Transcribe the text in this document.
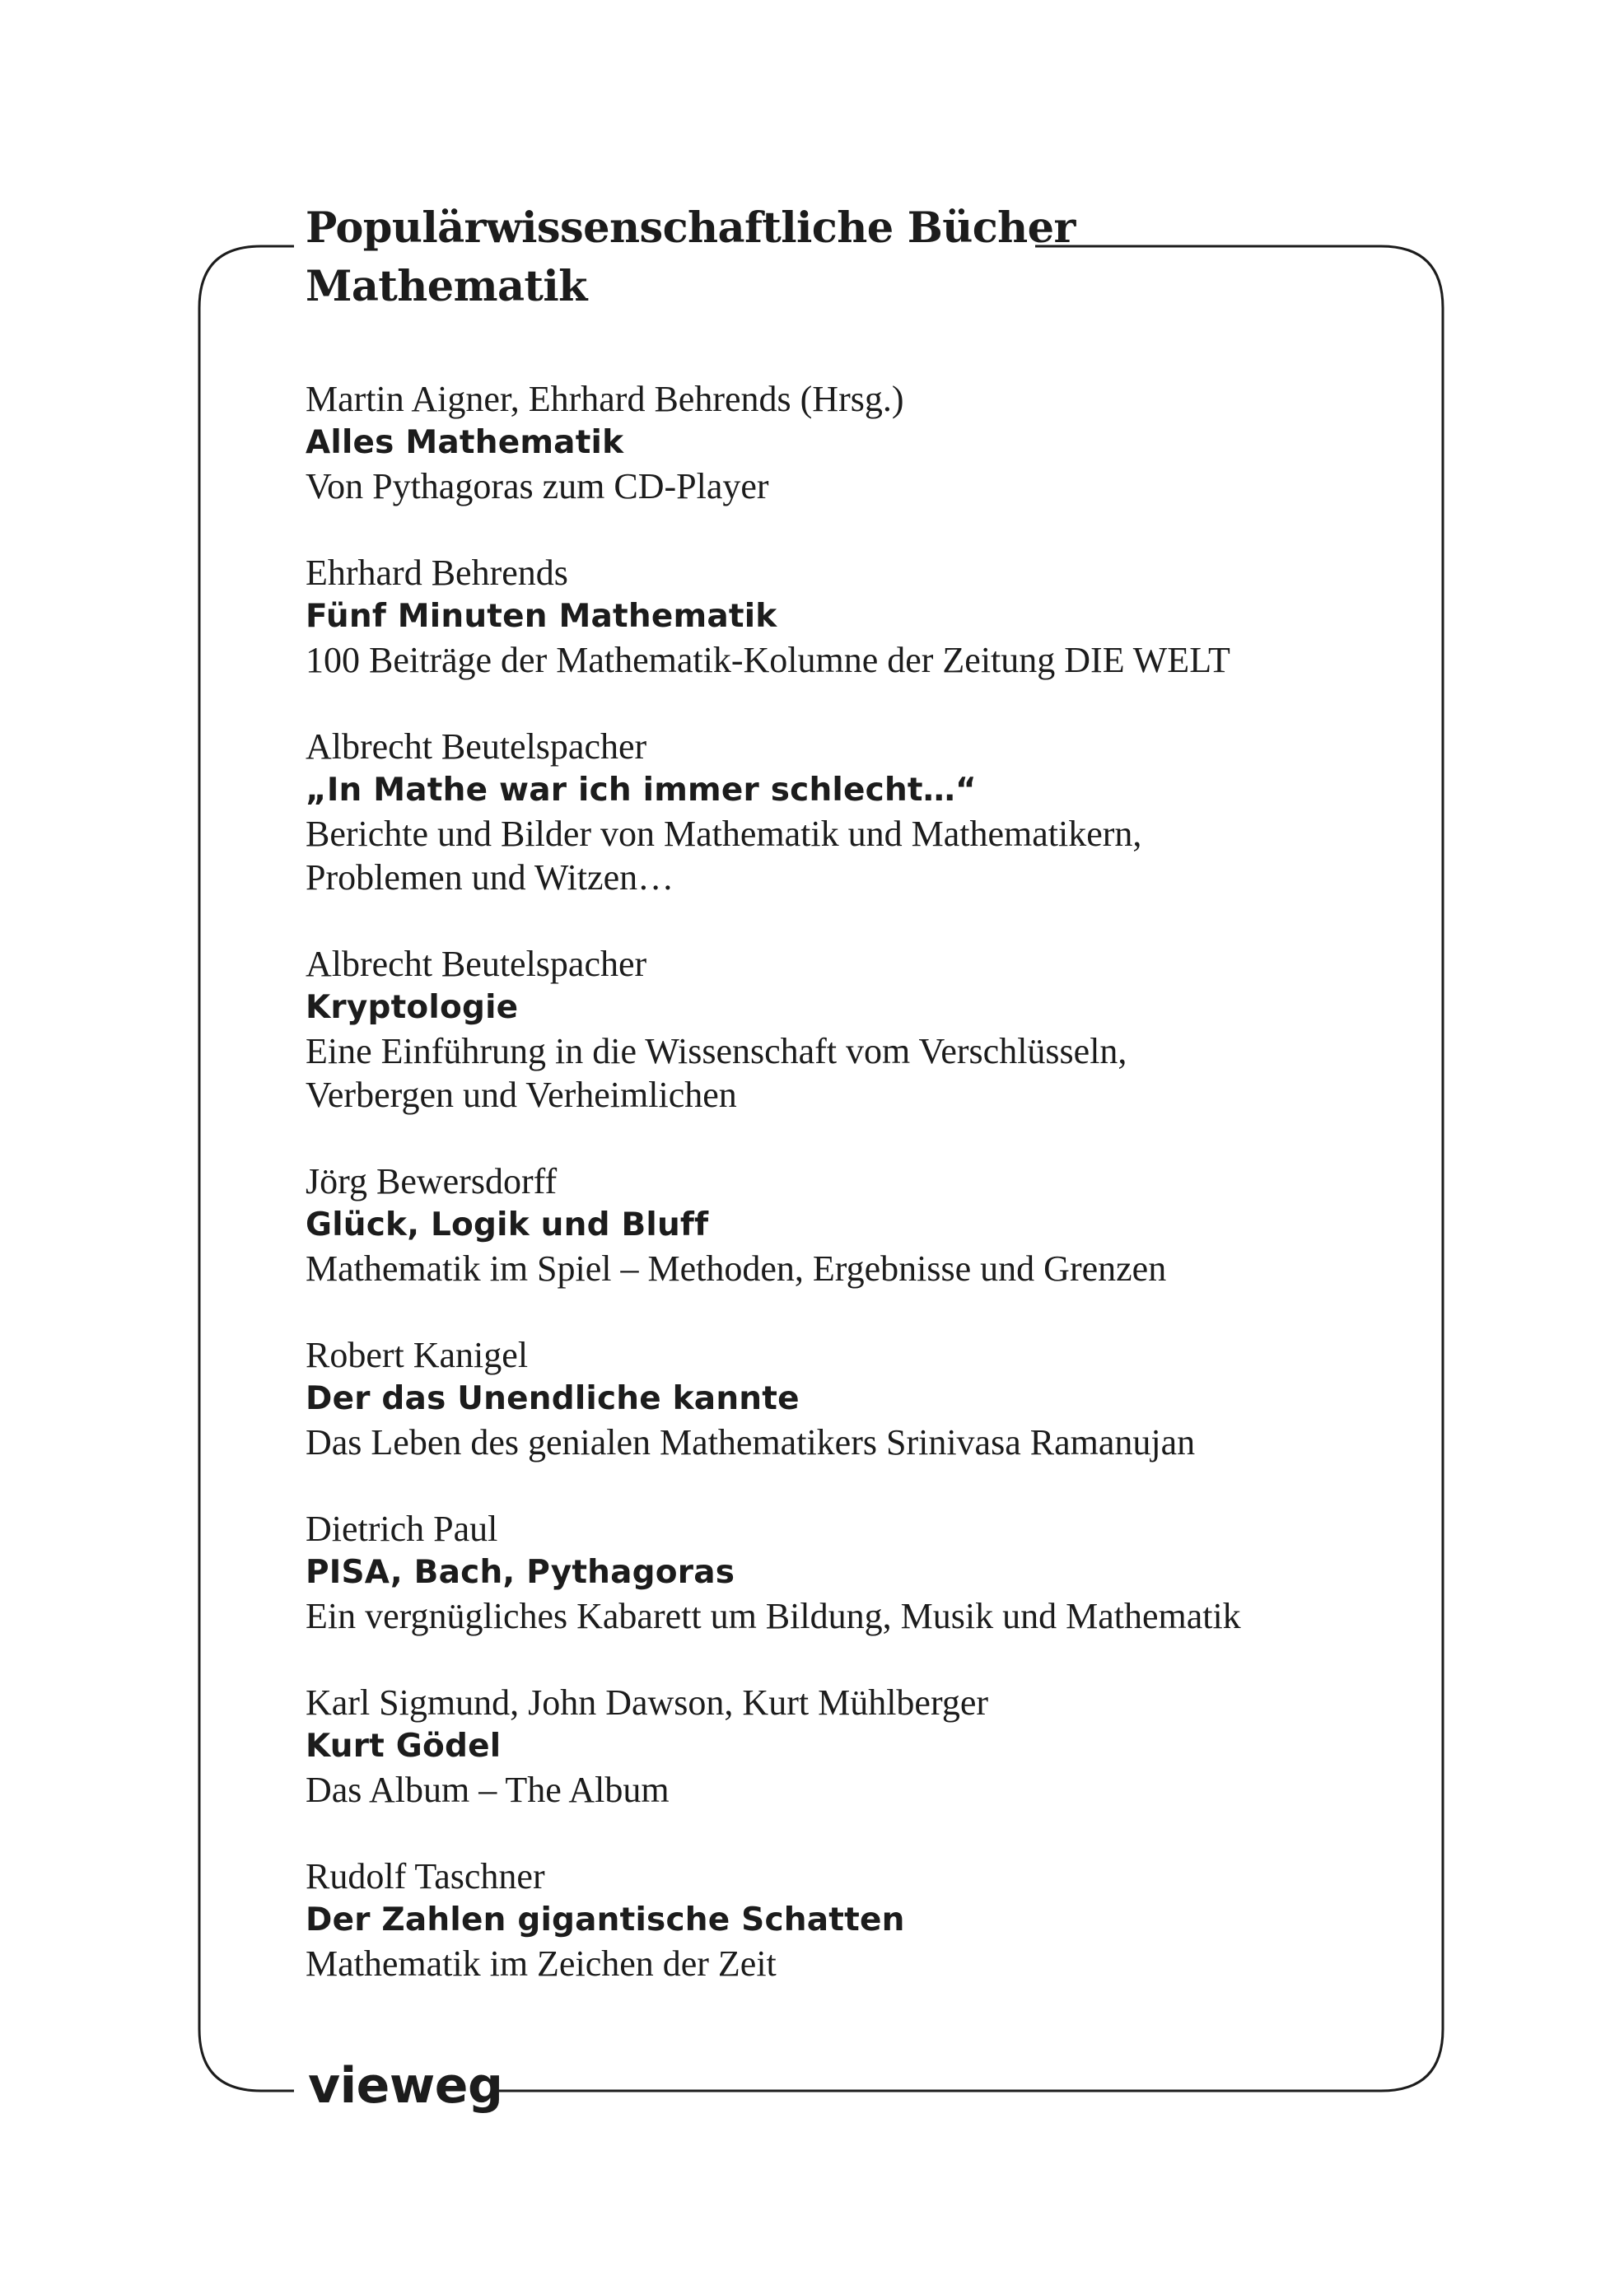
Populärwissenschaftliche Bücher
Mathematik
Martin Aigner, Ehrhard Behrends (Hrsg.)
Alles Mathematik
Von Pythagoras zum CD-Player
Ehrhard Behrends
Fünf Minuten Mathematik
100 Beiträge der Mathematik-Kolumne der Zeitung DIE WELT
Albrecht Beutelspacher
„In Mathe war ich immer schlecht…“
Berichte und Bilder von Mathematik und Mathematikern,
Problemen und Witzen…
Albrecht Beutelspacher
Kryptologie
Eine Einführung in die Wissenschaft vom Verschlüsseln,
Verbergen und Verheimlichen
Jörg Bewersdorff
Glück, Logik und Bluff
Mathematik im Spiel – Methoden, Ergebnisse und Grenzen
Robert Kanigel
Der das Unendliche kannte
Das Leben des genialen Mathematikers Srinivasa Ramanujan
Dietrich Paul
PISA, Bach, Pythagoras
Ein vergnügliches Kabarett um Bildung, Musik und Mathematik
Karl Sigmund, John Dawson, Kurt Mühlberger
Kurt Gödel
Das Album – The Album
Rudolf Taschner
Der Zahlen gigantische Schatten
Mathematik im Zeichen der Zeit
vieweg
